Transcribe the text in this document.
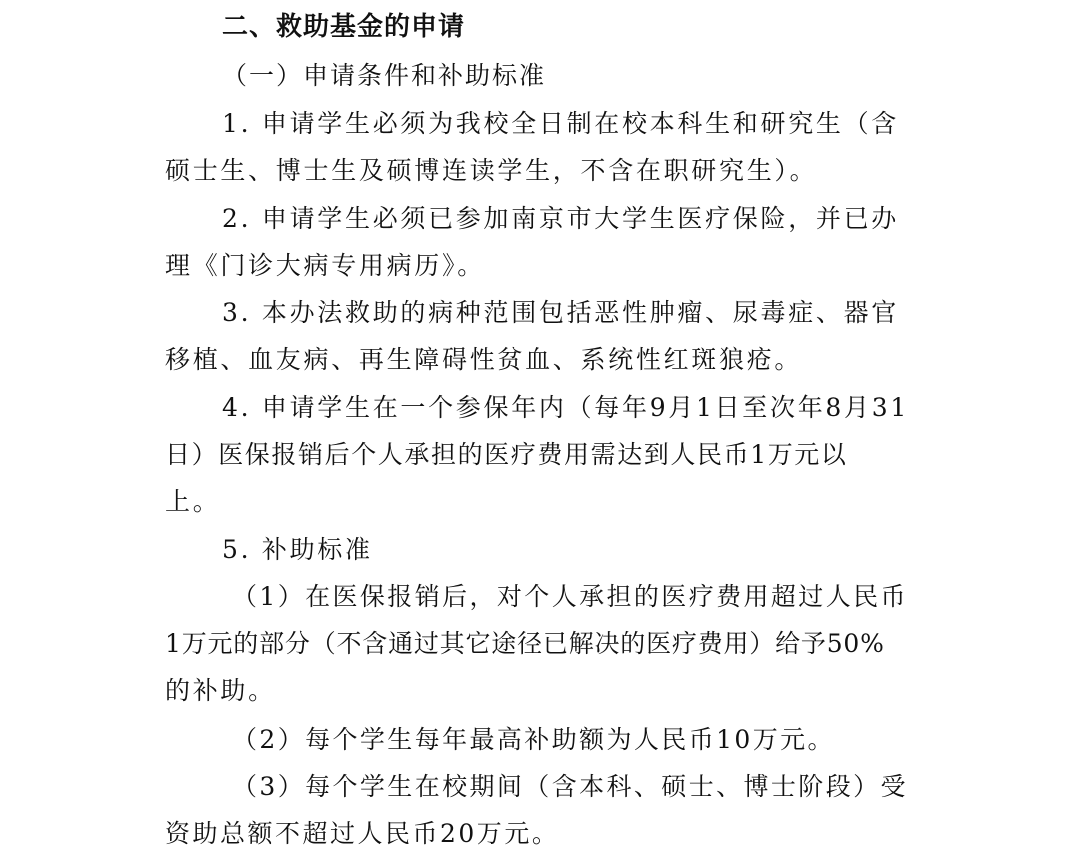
二、救助基金的申请
（一）申请条件和补助标准
1. 申请学生必须为我校全日制在校本科生和研究生（含
硕士生、博士生及硕博连读学生，不含在职研究生）。
2. 申请学生必须已参加南京市大学生医疗保险，并已办
理《门诊大病专用病历》。
3. 本办法救助的病种范围包括恶性肿瘤、尿毒症、器官
移植、血友病、再生障碍性贫血、系统性红斑狼疮。
4. 申请学生在一个参保年内（每年9月1日至次年8月31
日）医保报销后个人承担的医疗费用需达到人民币1万元以
上。
5. 补助标准
（1）在医保报销后，对个人承担的医疗费用超过人民币
1万元的部分（不含通过其它途径已解决的医疗费用）给予50%
的补助。
（2）每个学生每年最高补助额为人民币10万元。
（3）每个学生在校期间（含本科、硕士、博士阶段）受
资助总额不超过人民币20万元。
